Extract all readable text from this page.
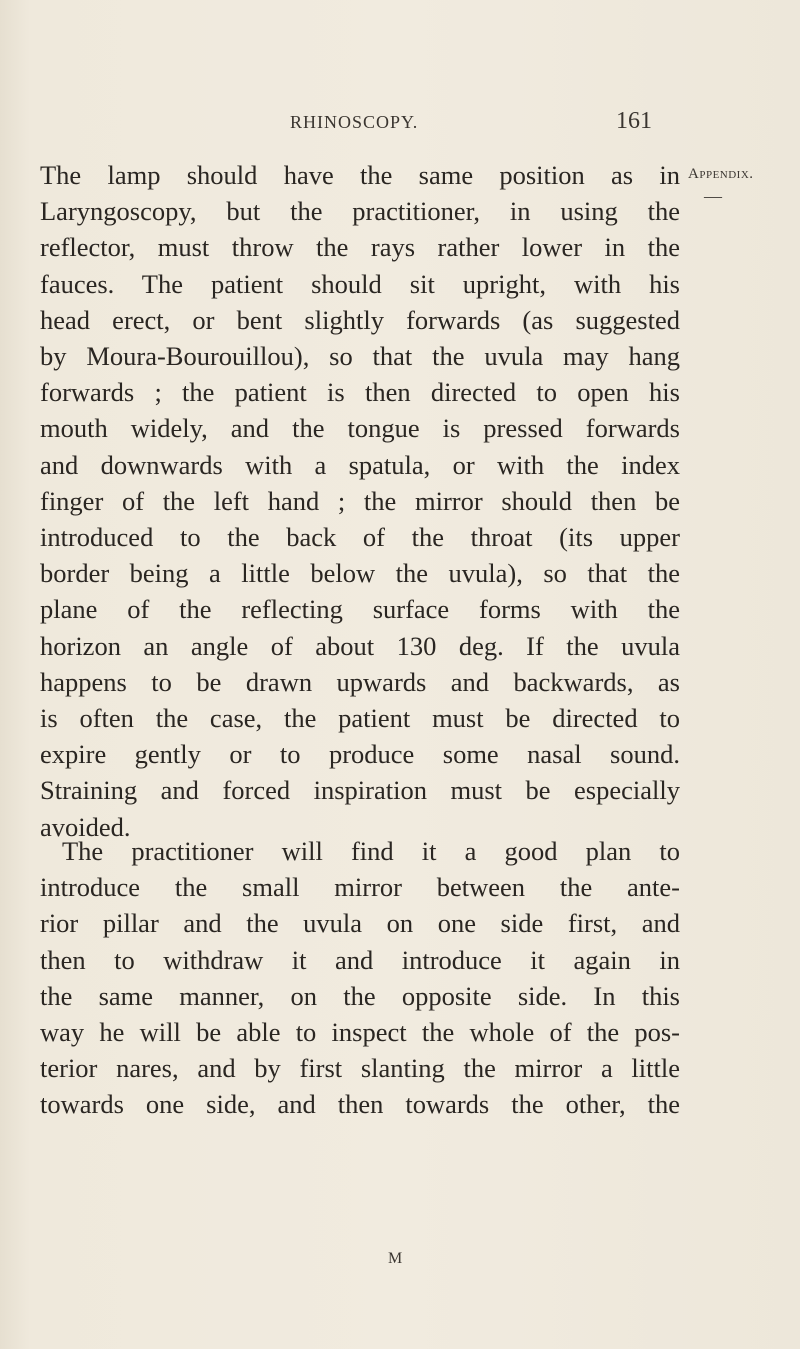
RHINOSCOPY.	161
Appendix.
—

The lamp should have the same position as in
Laryngoscopy, but the practitioner, in using the
reflector, must throw the rays rather lower in the
fauces. The patient should sit upright, with his
head erect, or bent slightly forwards (as suggested
by Moura-Bourouillou), so that the uvula may hang
forwards ; the patient is then directed to open his
mouth widely, and the tongue is pressed forwards
and downwards with a spatula, or with the index
finger of the left hand ; the mirror should then be
introduced to the back of the throat (its upper
border being a little below the uvula), so that the
plane of the reflecting surface forms with the
horizon an angle of about 130 deg. If the uvula
happens to be drawn upwards and backwards, as
is often the case, the patient must be directed to
expire gently or to produce some nasal sound.
Straining and forced inspiration must be especially
avoided.

The practitioner will find it a good plan to
introduce the small mirror between the ante-
rior pillar and the uvula on one side first, and
then to withdraw it and introduce it again in
the same manner, on the opposite side. In this
way he will be able to inspect the whole of the pos-
terior nares, and by first slanting the mirror a little
towards one side, and then towards the other, the

M
